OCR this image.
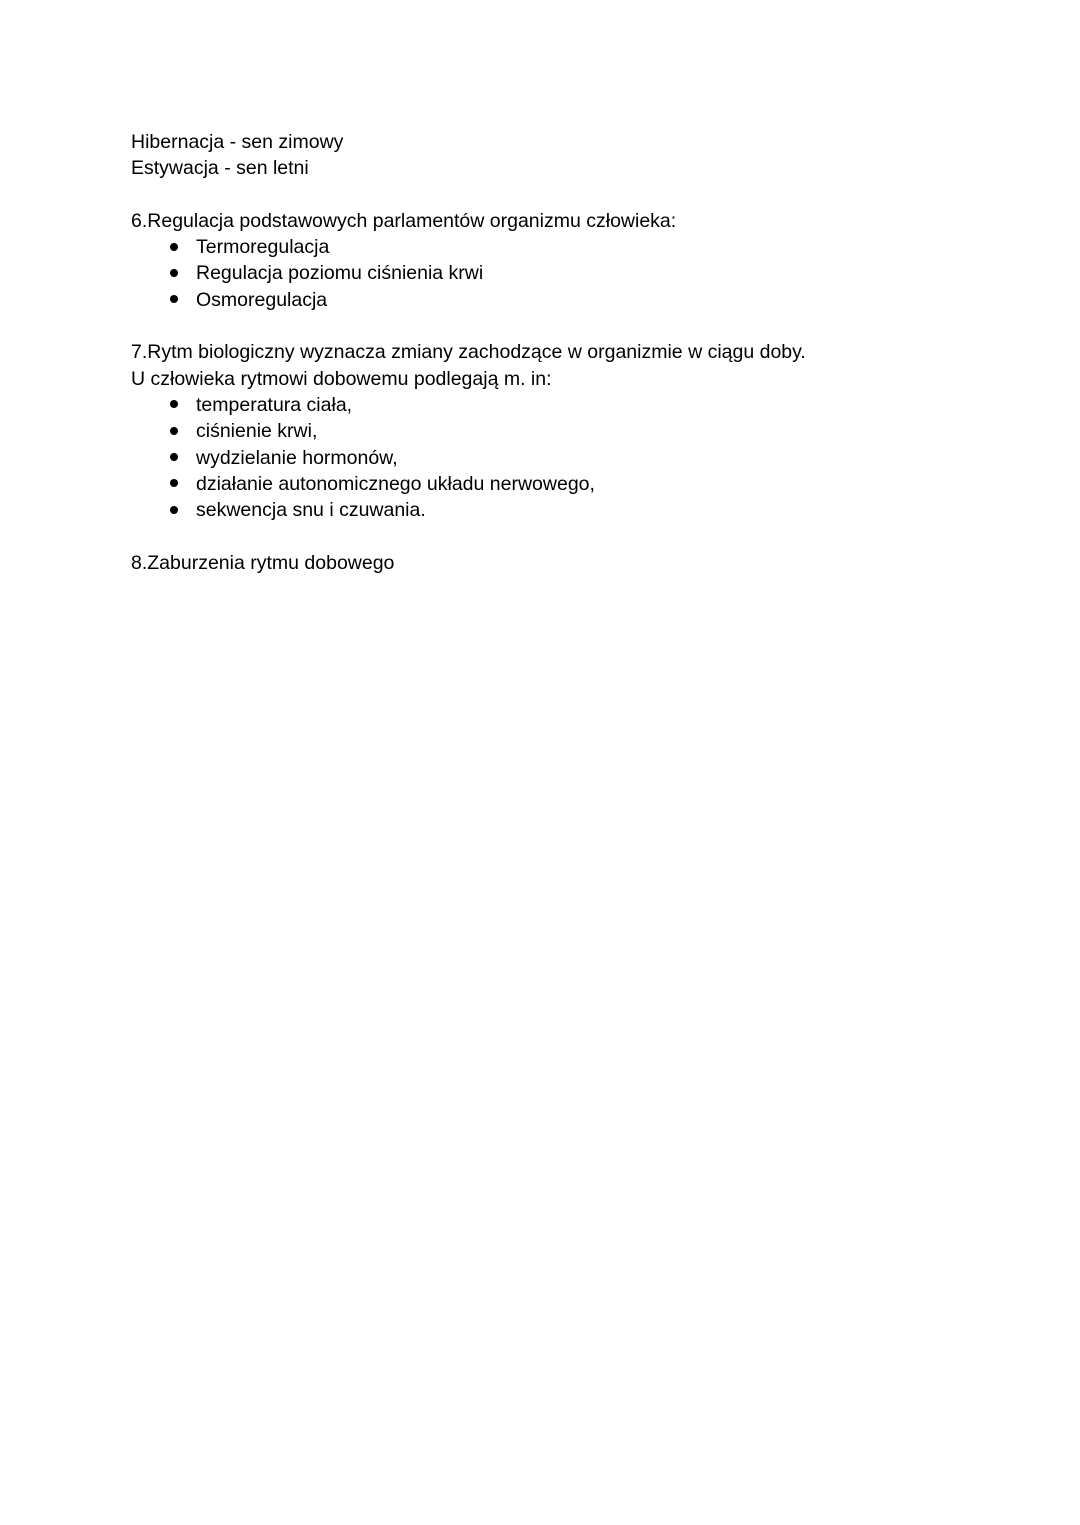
Hibernacja - sen zimowy

Estywacja - sen letni

6.Regulacja podstawowych parlamentów organizmu człowieka:

Termoregulacja
Regulacja poziomu ciśnienia krwi
Osmoregulacja

7.Rytm biologiczny wyznacza zmiany zachodzące w organizmie w ciągu doby.

U człowieka rytmowi dobowemu podlegają m. in:

temperatura ciała,
ciśnienie krwi,
wydzielanie hormonów,
działanie autonomicznego układu nerwowego,
sekwencja snu i czuwania.

8.Zaburzenia rytmu dobowego
